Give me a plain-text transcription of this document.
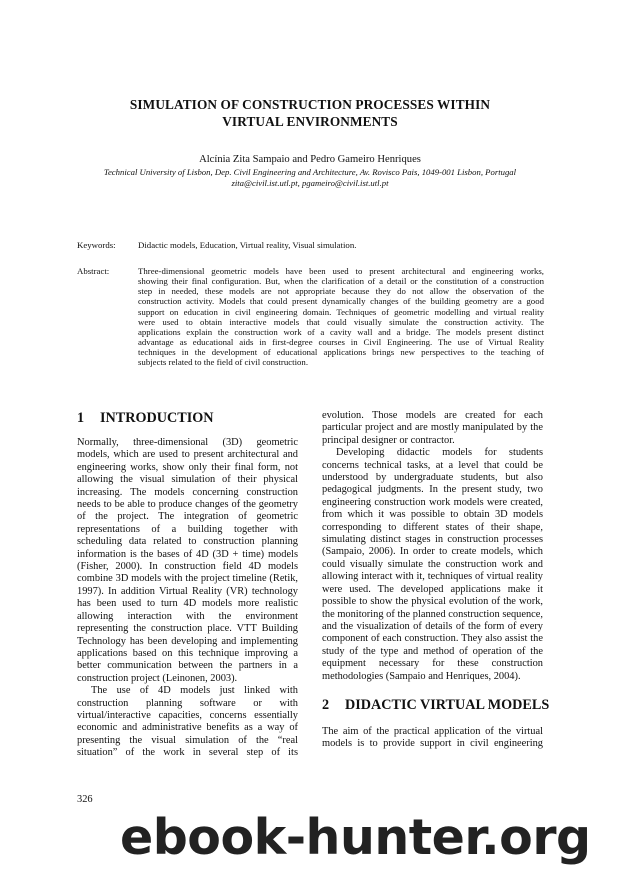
SIMULATION OF CONSTRUCTION PROCESSES WITHIN
VIRTUAL ENVIRONMENTS
Alcínia Zita Sampaio and Pedro Gameiro Henriques
Technical University of Lisbon, Dep. Civil Engineering and Architecture, Av. Rovisco Pais, 1049-001 Lisbon, Portugal
zita@civil.ist.utl.pt, pgameiro@civil.ist.utl.pt
Keywords:	Didactic models, Education, Virtual reality, Visual simulation.
Abstract:	Three-dimensional geometric models have been used to present architectural and engineering works,
showing their final configuration. But, when the clarification of a detail or the constitution of a construction
step in needed, these models are not appropriate because they do not allow the observation of the
construction activity. Models that could present dynamically changes of the building geometry are a good
support on education in civil engineering domain. Techniques of geometric modelling and virtual reality
were used to obtain interactive models that could visually simulate the construction activity. The
applications explain the construction work of a cavity wall and a bridge. The models present distinct
advantage as educational aids in first-degree courses in Civil Engineering. The use of Virtual Reality
techniques in the development of educational applications brings new perspectives to the teaching of
subjects related to the field of civil construction.
1 INTRODUCTION
Normally, three-dimensional (3D) geometric
models, which are used to present architectural and
engineering works, show only their final form, not
allowing the visual simulation of their physical
increasing. The models concerning construction
needs to be able to produce changes of the geometry
of the project. The integration of geometric
representations of a building together with
scheduling data related to construction planning
information is the bases of 4D (3D + time) models
(Fisher, 2000). In construction field 4D models
combine 3D models with the project timeline (Retik,
1997). In addition Virtual Reality (VR) technology
has been used to turn 4D models more realistic
allowing interaction with the environment
representing the construction place. VTT Building
Technology has been developing and implementing
applications based on this technique improving a
better communication between the partners in a
construction project (Leinonen, 2003).
The use of 4D models just linked with
construction planning software or with
virtual/interactive capacities, concerns essentially
economic and administrative benefits as a way of
presenting the visual simulation of the “real
situation” of the work in several step of its
evolution. Those models are created for each
particular project and are mostly manipulated by the
principal designer or contractor.
Developing didactic models for students
concerns technical tasks, at a level that could be
understood by undergraduate students, but also
pedagogical judgments. In the present study, two
engineering construction work models were created,
from which it was possible to obtain 3D models
corresponding to different states of their shape,
simulating distinct stages in construction processes
(Sampaio, 2006). In order to create models, which
could visually simulate the construction work and
allowing interact with it, techniques of virtual reality
were used. The developed applications make it
possible to show the physical evolution of the work,
the monitoring of the planned construction sequence,
and the visualization of details of the form of every
component of each construction. They also assist the
study of the type and method of operation of the
equipment necessary for these construction
methodologies (Sampaio and Henriques, 2004).
2 DIDACTIC VIRTUAL MODELS
The aim of the practical application of the virtual
models is to provide support in civil engineering
326
ebook-hunter.org
